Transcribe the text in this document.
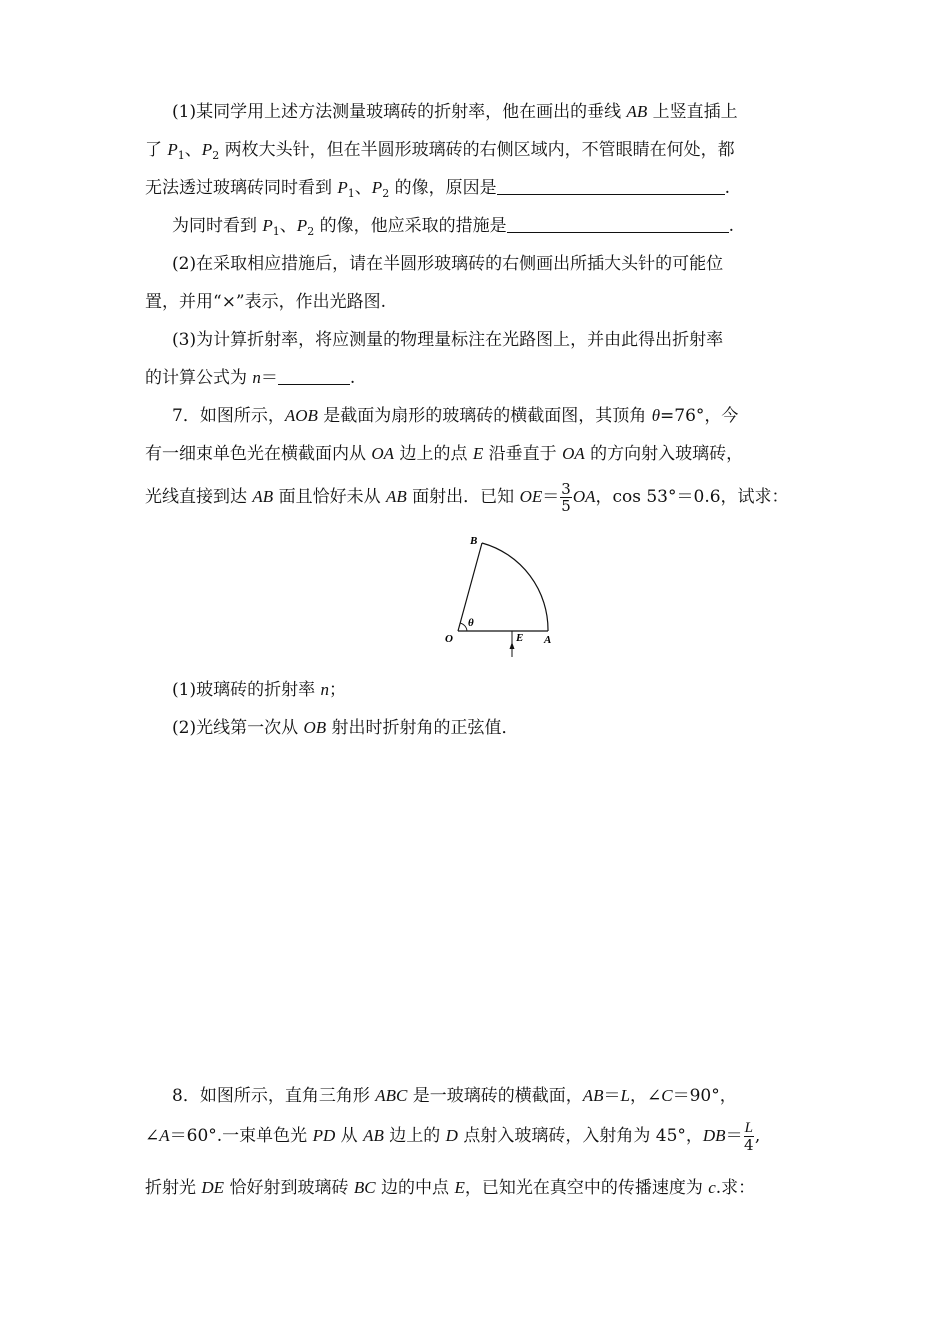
(1)某同学用上述方法测量玻璃砖的折射率，他在画出的垂线 AB 上竖直插上
了 $P_1$、$P_2$ 两枚大头针，但在半圆形玻璃砖的右侧区域内，不管眼睛在何处，都
无法透过玻璃砖同时看到 $P_1$、$P_2$ 的像，原因是	.
为同时看到 $P_1$、$P_2$ 的像，他应采取的措施是	.
(2)在采取相应措施后，请在半圆形玻璃砖的右侧画出所插大头针的可能位
置，并用“×”表示，作出光路图.
(3)为计算折射率，将应测量的物理量标注在光路图上，并由此得出折射率
的计算公式为 n＝	.
7．如图所示，AOB 是截面为扇形的玻璃砖的横截面图，其顶角 θ=76°，今
有一细束单色光在横截面内从 OA 边上的点 E 沿垂直于 OA 的方向射入玻璃砖，
光线直接到达 AB 面且恰好未从 AB 面射出．已知 $OE= \frac{3}{5}$ OA，cos 53°＝0.6，试求：
B
O
θ
E A
(1)玻璃砖的折射率 n；
(2)光线第一次从 OB 射出时折射角的正弦值．
8．如图所示，直角三角形 ABC 是一玻璃砖的横截面，AB＝L，∠C＝90°，
∠A＝60°.一束单色光 PD 从 AB 边上的 D 点射入玻璃砖，入射角为 45°，$DB= \frac{L}{4}$ ,
折射光 DE 恰好射到玻璃砖 BC 边的中点 E，已知光在真空中的传播速度为 c.求：
